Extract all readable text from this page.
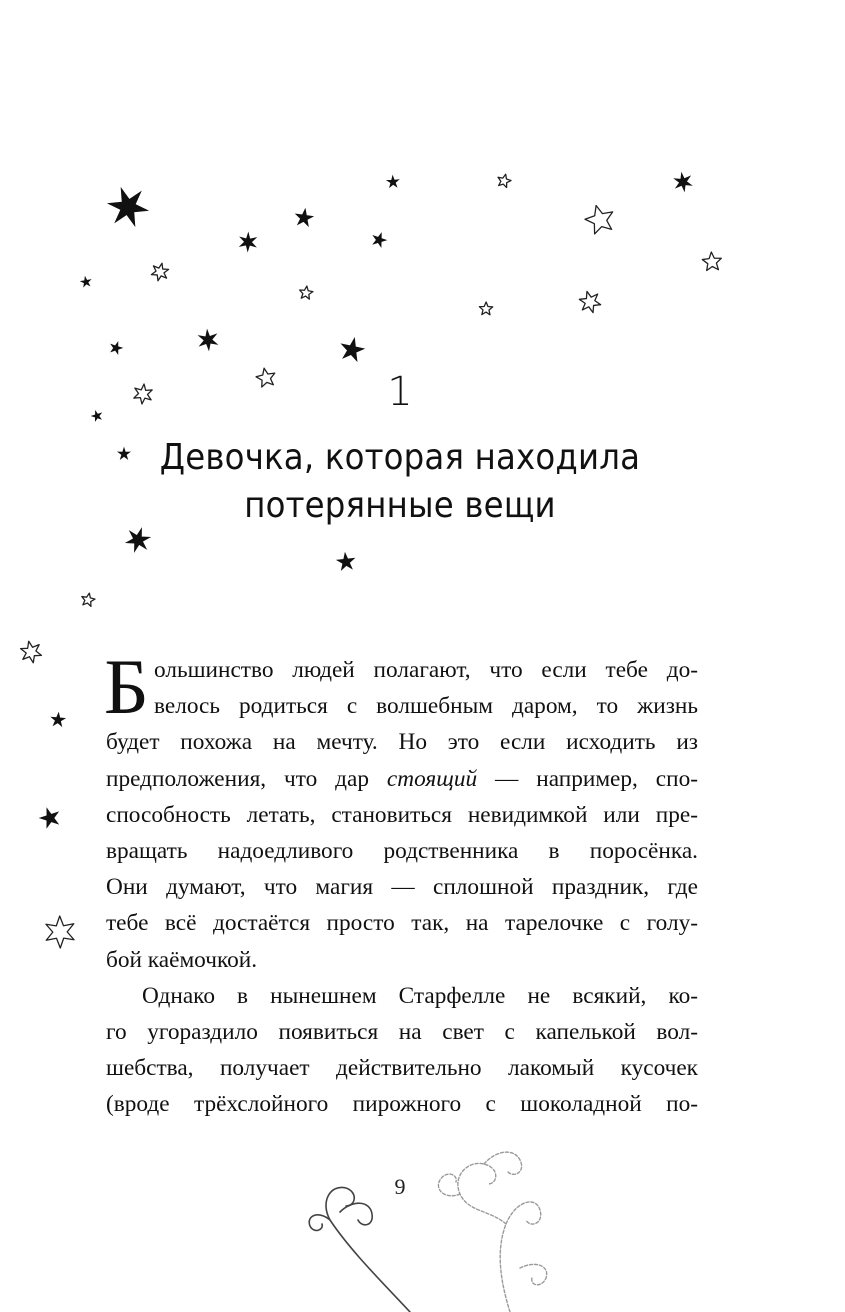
1
Девочка, которая находила
потерянные вещи
Б ольшинство людей полагают, что если тебе до-
велось родиться с волшебным даром, то жизнь
будет похожа на мечту. Но это если исходить из
предположения, что дар стоящий — например, спо-
способность летать, становиться невидимкой или пре-
вращать надоедливого родственника в поросёнка.
Они думают, что магия — сплошной праздник, где
тебе всё достаётся просто так, на тарелочке с голу-
бой каёмочкой.
Однако в нынешнем Старфелле не всякий, ко-
го угораздило появиться на свет с капелькой вол-
шебства, получает действительно лакомый кусочек
(вроде трёхслойного пирожного с шоколадной по-
9
